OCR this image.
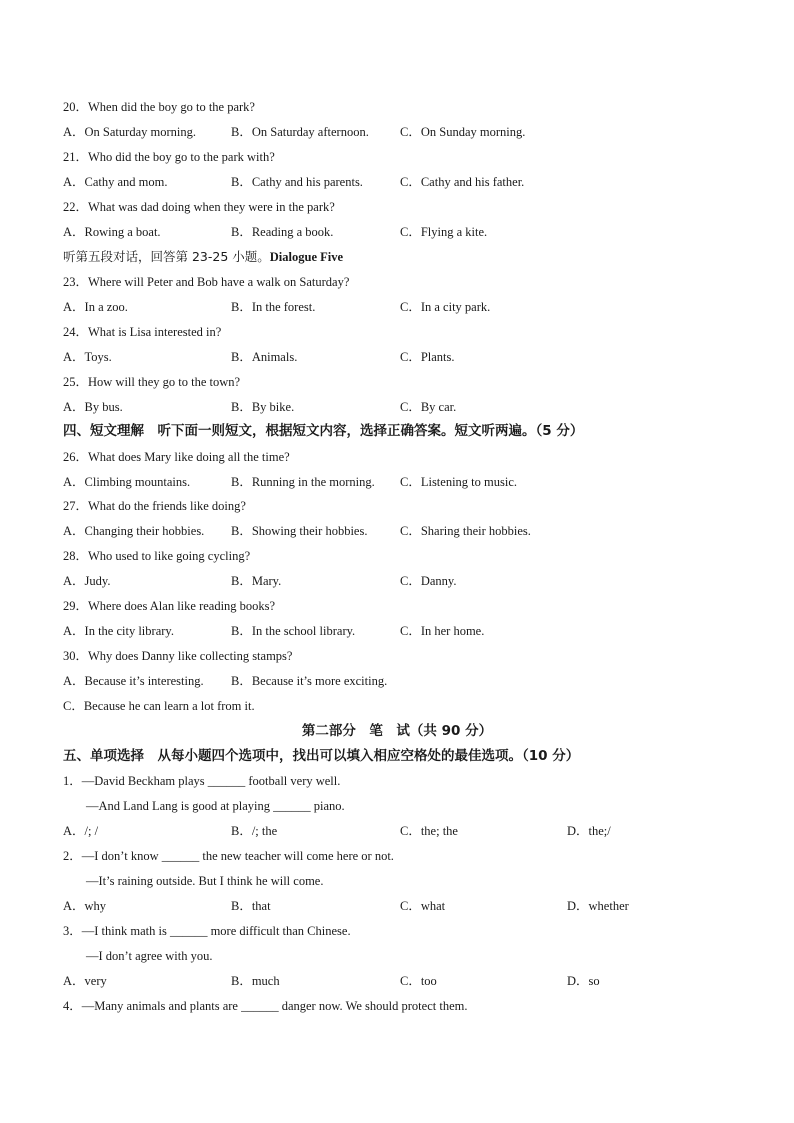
20．When did the boy go to the park?
A．On Saturday morning.	B．On Saturday afternoon. C．On Sunday morning.
21．Who did the boy go to the park with?
A．Cathy and mom.	B．Cathy and his parents.	C．Cathy and his father.
22．What was dad doing when they were in the park?
A．Rowing a boat.	B．Reading a book.	C．Flying a kite.
听第五段对话，回答第 23-25 小题。Dialogue Five
23．Where will Peter and Bob have a walk on Saturday?
A．In a zoo.	B．In the forest.	C．In a city park.
24．What is Lisa interested in?
A．Toys.	B．Animals.	C．Plants.
25．How will they go to the town?
A．By bus.	B．By bike.	C．By car.
四、短文理解　听下面一则短文，根据短文内容，选择正确答案。短文听两遍。（5 分）
26．What does Mary like doing all the time?
A．Climbing mountains.	B．Running in the morning. C．Listening to music.
27．What do the friends like doing?
A．Changing their hobbies. B．Showing their hobbies.	C．Sharing their hobbies.
28．Who used to like going cycling?
A．Judy.	B．Mary.	C．Danny.
29．Where does Alan like reading books?
A．In the city library.	B．In the school library.	C．In her home.
30．Why does Danny like collecting stamps?
A．Because it’s interesting. B．Because it’s more exciting.
C．Because he can learn a lot from it.
第二部分　笔　试（共 90 分）
五、单项选择　从每小题四个选项中，找出可以填入相应空格处的最佳选项。（10 分）
1．—David Beckham plays ______ football very well.
—And Land Lang is good at playing ______ piano.
A．/; /	B．/; the	C．the; the	D．the;/
2．—I don’t know ______ the new teacher will come here or not.
—It’s raining outside. But I think he will come.
A．why	B．that	C．what	D．whether
3．—I think math is ______ more difficult than Chinese.
—I don’t agree with you.
A．very	B．much	C．too	D．so
4．—Many animals and plants are ______ danger now. We should protect them.
